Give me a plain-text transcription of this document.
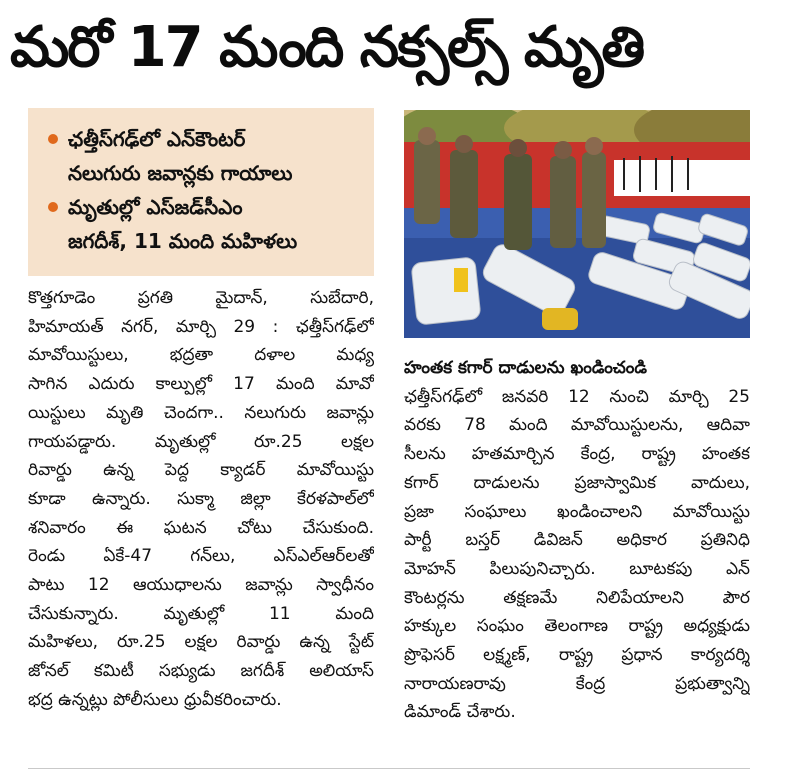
మరో 17 మంది నక్సల్స్ మృతి
ఛత్తీస్‌గఢ్‌లో ఎన్‌కౌంటర్
నలుగురు జవాన్లకు గాయాలు
మృతుల్లో ఎస్‌జడ్‌సీఎం
జగదీశ్, 11 మంది మహిళలు
కొత్తగూడెం ప్రగతి మైదాన్, సుబేదారి,
హిమాయత్ నగర్, మార్చి 29 : ఛత్తీస్‌గఢ్‌లో
మావోయిస్టులు, భద్రతా దళాల మధ్య
సాగిన ఎదురు కాల్పుల్లో 17 మంది మావో
యిస్టులు మృతి చెందగా.. నలుగురు జవాన్లు
గాయపడ్డారు. మృతుల్లో రూ.25 లక్షల
రివార్డు ఉన్న పెద్ద క్యాడర్ మావోయిస్టు
కూడా ఉన్నారు. సుక్మా జిల్లా కేరళపాల్‌లో
శనివారం ఈ ఘటన చోటు చేసుకుంది.
రెండు ఏకే-47 గన్‌లు, ఎస్‌ఎల్‌ఆర్‌లతో
పాటు 12 ఆయుధాలను జవాన్లు స్వాధీనం
చేసుకున్నారు. మృతుల్లో 11 మంది
మహిళలు, రూ.25 లక్షల రివార్డు ఉన్న స్టేట్
జోనల్ కమిటీ సభ్యుడు జగదీశ్ అలియాస్
భద్ర ఉన్నట్లు పోలీసులు ధ్రువీకరించారు.
హంతక కగార్ దాడులను ఖండించండి
ఛత్తీస్‌గఢ్‌లో జనవరి 12 నుంచి మార్చి 25
వరకు 78 మంది మావోయిస్టులను, ఆదివా
సీలను హతమార్చిన కేంద్ర, రాష్ట్ర హంతక
కగార్ దాడులను ప్రజాస్వామిక వాదులు,
ప్రజా సంఘాలు ఖండించాలని మావోయిస్టు
పార్టీ బస్తర్ డివిజన్ అధికార ప్రతినిధి
మోహన్ పిలుపునిచ్చారు. బూటకపు ఎన్
కౌంటర్లను తక్షణమే నిలిపేయాలని పౌర
హక్కుల సంఘం తెలంగాణ రాష్ట్ర అధ్యక్షుడు
ప్రొఫెసర్ లక్ష్మణ్, రాష్ట్ర ప్రధాన కార్యదర్శి
నారాయణరావు కేంద్ర ప్రభుత్వాన్ని
డిమాండ్ చేశారు.
